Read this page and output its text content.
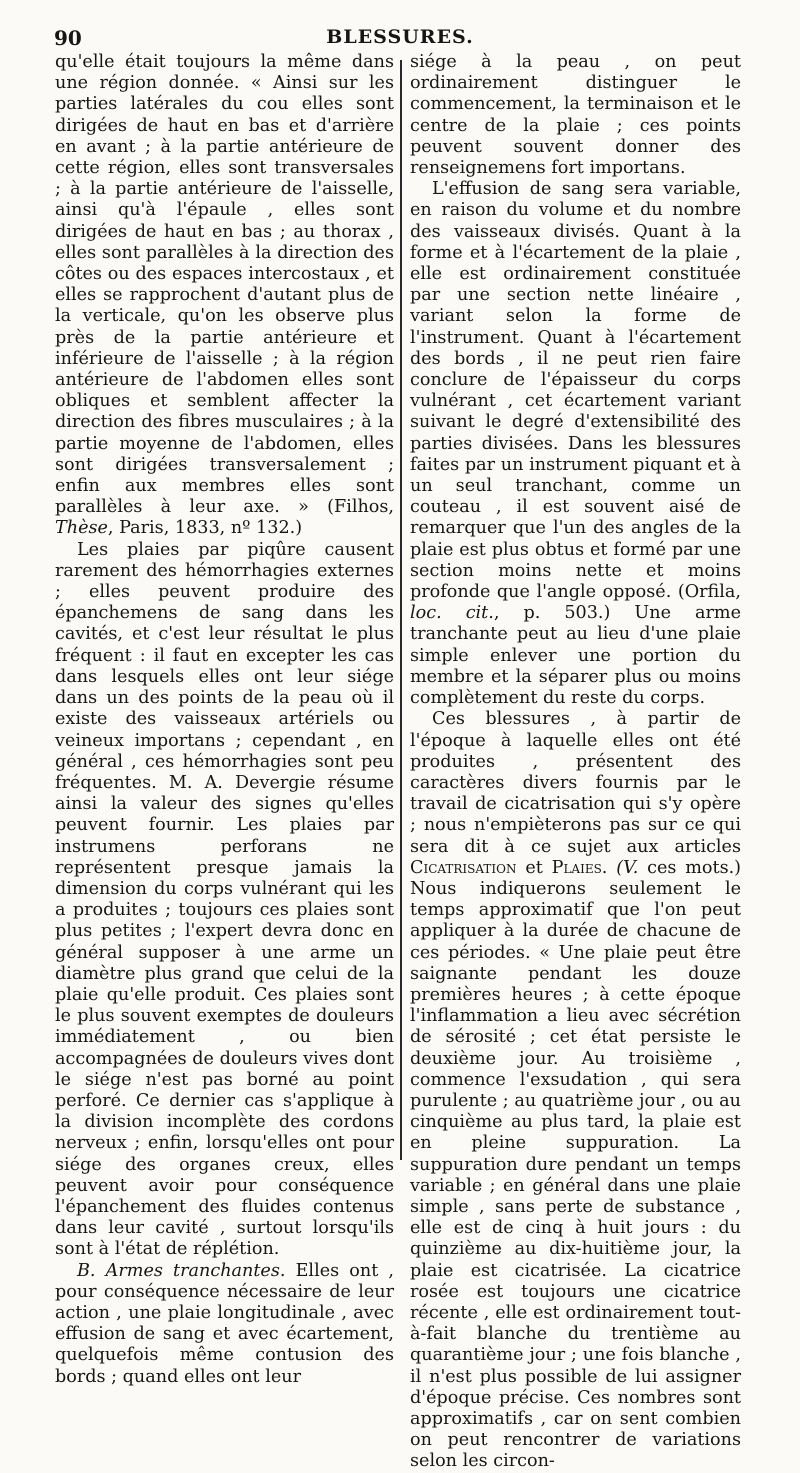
90	BLESSURES.

qu'elle était toujours la même dans une région donnée. « Ainsi sur les parties latérales du cou elles sont dirigées de haut en bas et d'arrière en avant ; à la partie antérieure de cette région, elles sont transversales ; à la partie antérieure de l'aisselle, ainsi qu'à l'épaule , elles sont dirigées de haut en bas ; au thorax , elles sont parallèles à la direction des côtes ou des espaces intercostaux , et elles se rapprochent d'autant plus de la verticale, qu'on les observe plus près de la partie antérieure et inférieure de l'aisselle ; à la région antérieure de l'abdomen elles sont obliques et semblent affecter la direction des fibres musculaires ; à la partie moyenne de l'abdomen, elles sont dirigées transversalement ; enfin aux membres elles sont parallèles à leur axe. » (Filhos, Thèse, Paris, 1833, nº 132.)

Les plaies par piqûre causent rarement des hémorrhagies externes ; elles peuvent produire des épanchemens de sang dans les cavités, et c'est leur résultat le plus fréquent : il faut en excepter les cas dans lesquels elles ont leur siége dans un des points de la peau où il existe des vaisseaux artériels ou veineux importans ; cependant , en général , ces hémorrhagies sont peu fréquentes. M. A. Devergie résume ainsi la valeur des signes qu'elles peuvent fournir. Les plaies par instrumens perforans ne représentent presque jamais la dimension du corps vulnérant qui les a produites ; toujours ces plaies sont plus petites ; l'expert devra donc en général supposer à une arme un diamètre plus grand que celui de la plaie qu'elle produit. Ces plaies sont le plus souvent exemptes de douleurs immédiatement , ou bien accompagnées de douleurs vives dont le siége n'est pas borné au point perforé. Ce dernier cas s'applique à la division incomplète des cordons nerveux ; enfin, lorsqu'elles ont pour siége des organes creux, elles peuvent avoir pour conséquence l'épanchement des fluides contenus dans leur cavité , surtout lorsqu'ils sont à l'état de réplétion.

B. Armes tranchantes. Elles ont , pour conséquence nécessaire de leur action , une plaie longitudinale , avec effusion de sang et avec écartement, quelquefois même contusion des bords ; quand elles ont leur

siége à la peau , on peut ordinairement distinguer le commencement, la terminaison et le centre de la plaie ; ces points peuvent souvent donner des renseignemens fort importans.

L'effusion de sang sera variable, en raison du volume et du nombre des vaisseaux divisés. Quant à la forme et à l'écartement de la plaie , elle est ordinairement constituée par une section nette linéaire , variant selon la forme de l'instrument. Quant à l'écartement des bords , il ne peut rien faire conclure de l'épaisseur du corps vulnérant , cet écartement variant suivant le degré d'extensibilité des parties divisées. Dans les blessures faites par un instrument piquant et à un seul tranchant, comme un couteau , il est souvent aisé de remarquer que l'un des angles de la plaie est plus obtus et formé par une section moins nette et moins profonde que l'angle opposé. (Orfila, loc. cit., p. 503.) Une arme tranchante peut au lieu d'une plaie simple enlever une portion du membre et la séparer plus ou moins complètement du reste du corps.

Ces blessures , à partir de l'époque à laquelle elles ont été produites , présentent des caractères divers fournis par le travail de cicatrisation qui s'y opère ; nous n'empièterons pas sur ce qui sera dit à ce sujet aux articles Cicatrisation et Plaies. (V. ces mots.) Nous indiquerons seulement le temps approximatif que l'on peut appliquer à la durée de chacune de ces périodes. « Une plaie peut être saignante pendant les douze premières heures ; à cette époque l'inflammation a lieu avec sécrétion de sérosité ; cet état persiste le deuxième jour. Au troisième , commence l'exsudation , qui sera purulente ; au quatrième jour , ou au cinquième au plus tard, la plaie est en pleine suppuration. La suppuration dure pendant un temps variable ; en général dans une plaie simple , sans perte de substance , elle est de cinq à huit jours : du quinzième au dix-huitième jour, la plaie est cicatrisée. La cicatrice rosée est toujours une cicatrice récente , elle est ordinairement tout-à-fait blanche du trentième au quarantième jour ; une fois blanche , il n'est plus possible de lui assigner d'époque précise. Ces nombres sont approximatifs , car on sent combien on peut rencontrer de variations selon les circon-
